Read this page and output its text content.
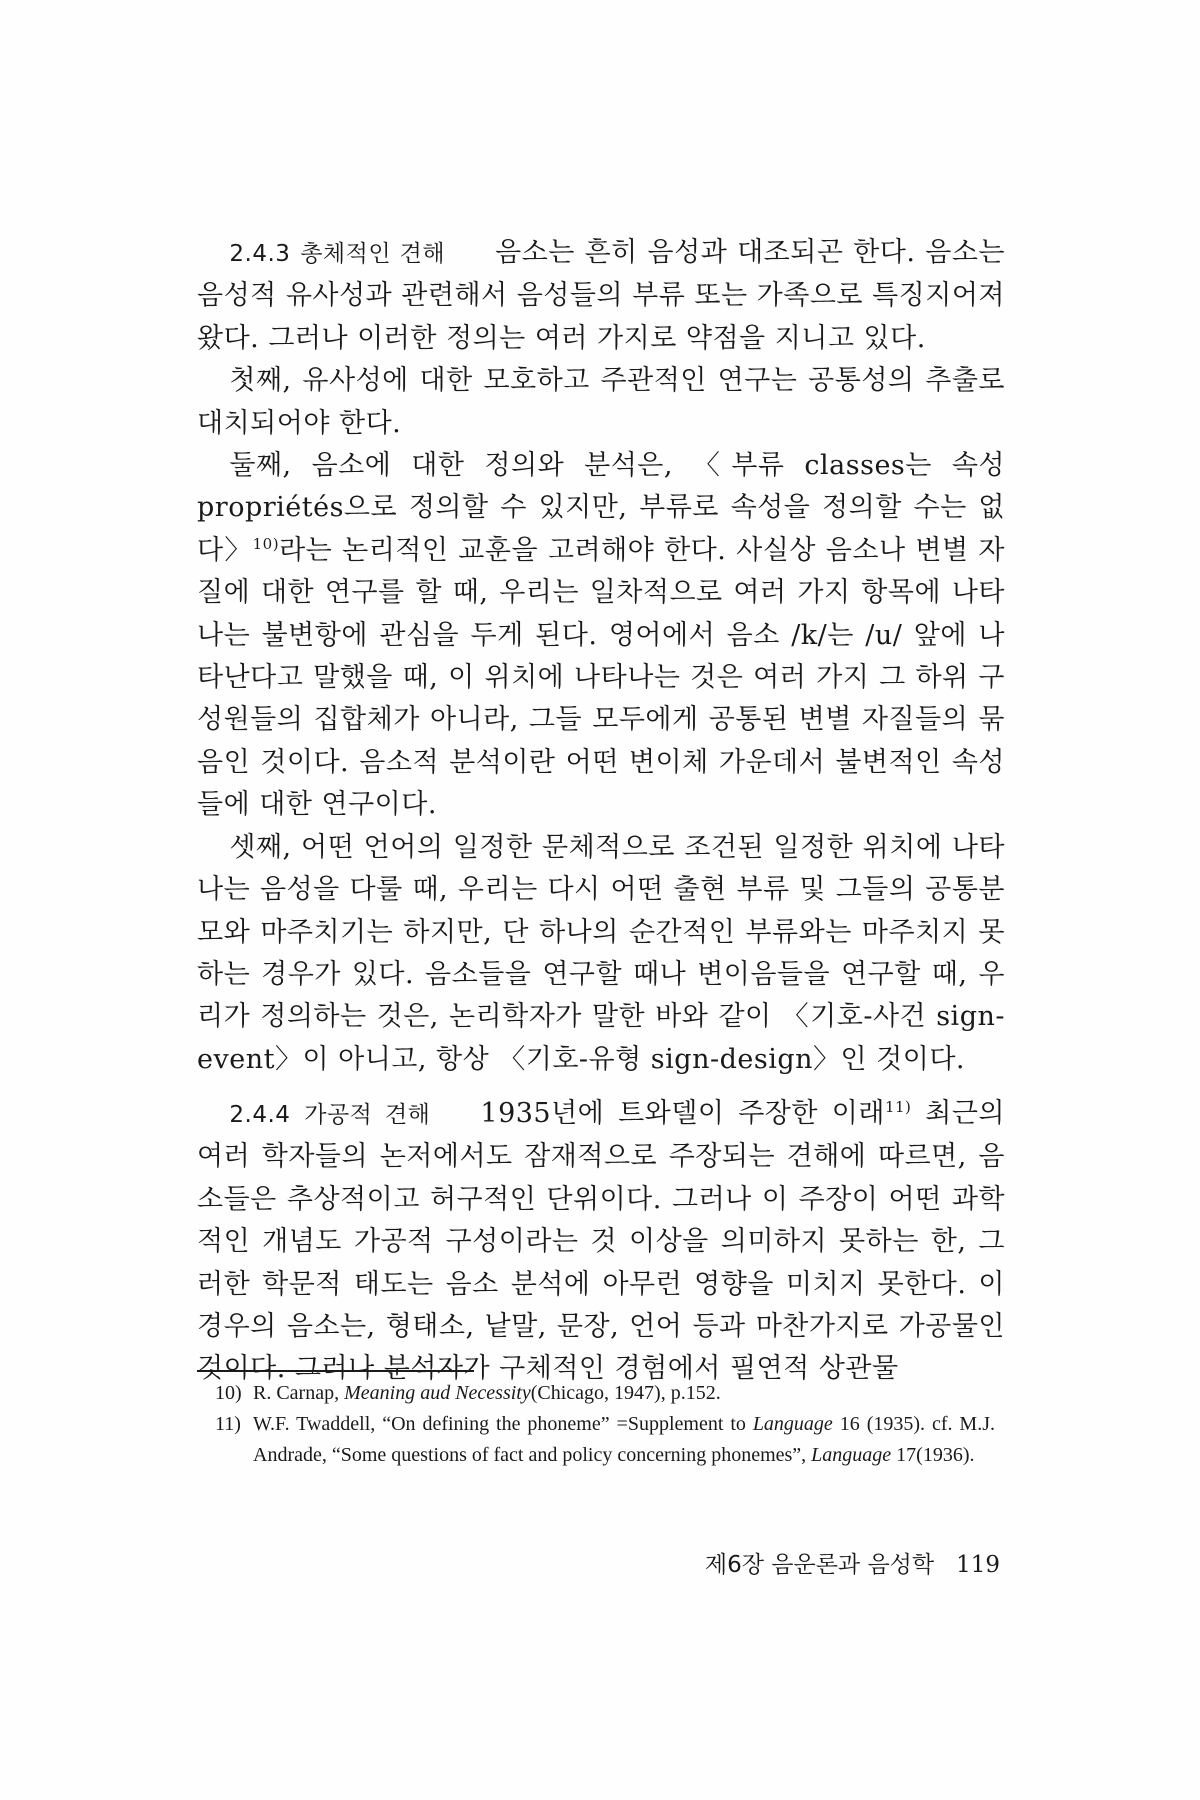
2.4.3 총체적인 견해 음소는 흔히 음성과 대조되곤 한다. 음소는 음성적 유사성과 관련해서 음성들의 부류 또는 가족으로 특징지어져 왔다. 그러나 이러한 정의는 여러 가지로 약점을 지니고 있다.

첫째, 유사성에 대한 모호하고 주관적인 연구는 공통성의 추출로 대치되어야 한다.

둘째, 음소에 대한 정의와 분석은, 〈부류 classes는 속성 propriétés으로 정의할 수 있지만, 부류로 속성을 정의할 수는 없다〉$^{10)}$라는 논리적인 교훈을 고려해야 한다. 사실상 음소나 변별 자질에 대한 연구를 할 때, 우리는 일차적으로 여러 가지 항목에 나타나는 불변항에 관심을 두게 된다. 영어에서 음소 /k/는 /u/ 앞에 나타난다고 말했을 때, 이 위치에 나타나는 것은 여러 가지 그 하위 구성원들의 집합체가 아니라, 그들 모두에게 공통된 변별 자질들의 묶음인 것이다. 음소적 분석이란 어떤 변이체 가운데서 불변적인 속성들에 대한 연구이다.

셋째, 어떤 언어의 일정한 문체적으로 조건된 일정한 위치에 나타나는 음성을 다룰 때, 우리는 다시 어떤 출현 부류 및 그들의 공통분모와 마주치기는 하지만, 단 하나의 순간적인 부류와는 마주치지 못하는 경우가 있다. 음소들을 연구할 때나 변이음들을 연구할 때, 우리가 정의하는 것은, 논리학자가 말한 바와 같이 〈기호-사건 sign-event〉이 아니고, 항상 〈기호-유형 sign-design〉인 것이다.

2.4.4 가공적 견해 1935년에 트와델이 주장한 이래$^{11)}$ 최근의 여러 학자들의 논저에서도 잠재적으로 주장되는 견해에 따르면, 음소들은 추상적이고 허구적인 단위이다. 그러나 이 주장이 어떤 과학적인 개념도 가공적 구성이라는 것 이상을 의미하지 못하는 한, 그러한 학문적 태도는 음소 분석에 아무런 영향을 미치지 못한다. 이 경우의 음소는, 형태소, 낱말, 문장, 언어 등과 마찬가지로 가공물인 것이다. 그러나 분석자가 구체적인 경험에서 필연적 상관물

10) R. Carnap, Meaning aud Necessity(Chicago, 1947), p.152.
11) W.F. Twaddell, “On defining the phoneme” =Supplement to Language 16 (1935). cf. M.J. Andrade, “Some questions of fact and policy concerning phonemes”, Language 17(1936).
제6장 음운론과 음성학 119
